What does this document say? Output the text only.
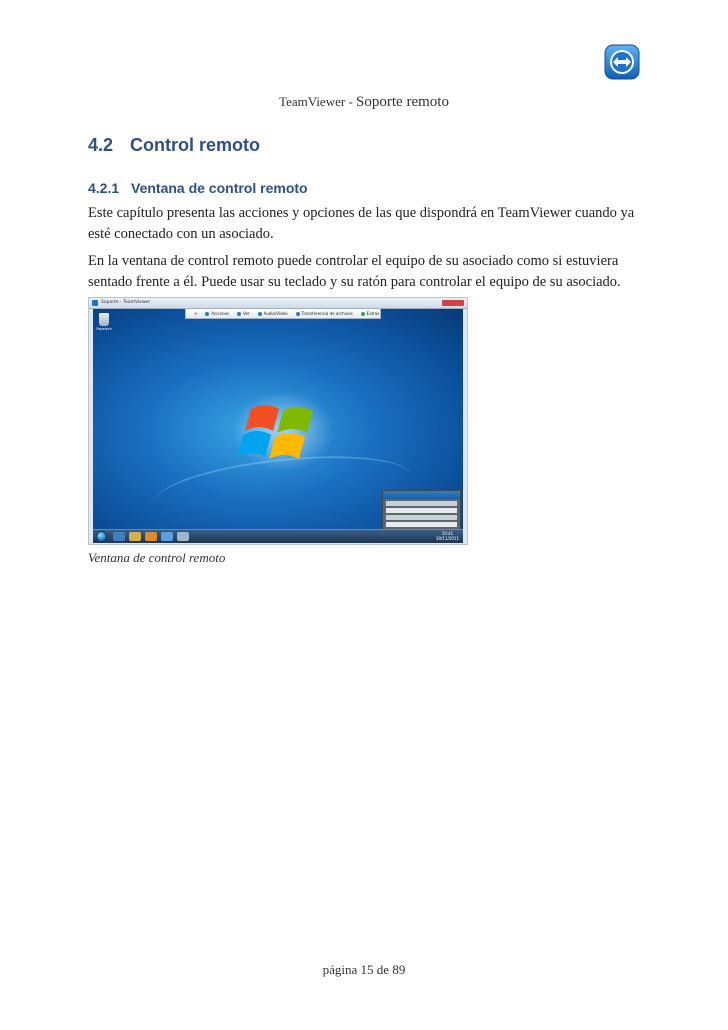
TeamViewer - Soporte remoto
4.2 Control remoto
4.2.1 Ventana de control remoto
Este capítulo presenta las acciones y opciones de las que dispondrá en TeamViewer cuando ya esté conectado con un asociado.
En la ventana de control remoto puede controlar el equipo de su asociado como si estuviera sentado frente a él. Puede usar su teclado y su ratón para controlar el equipo de su asociado.
Soporte - TeamViewer
Papelera
✕	Acciones	Ver	Audio/Vídeo	Transferencia de archivos	Extras
10:41
30/11/2011
Ventana de control remoto
página 15 de 89
